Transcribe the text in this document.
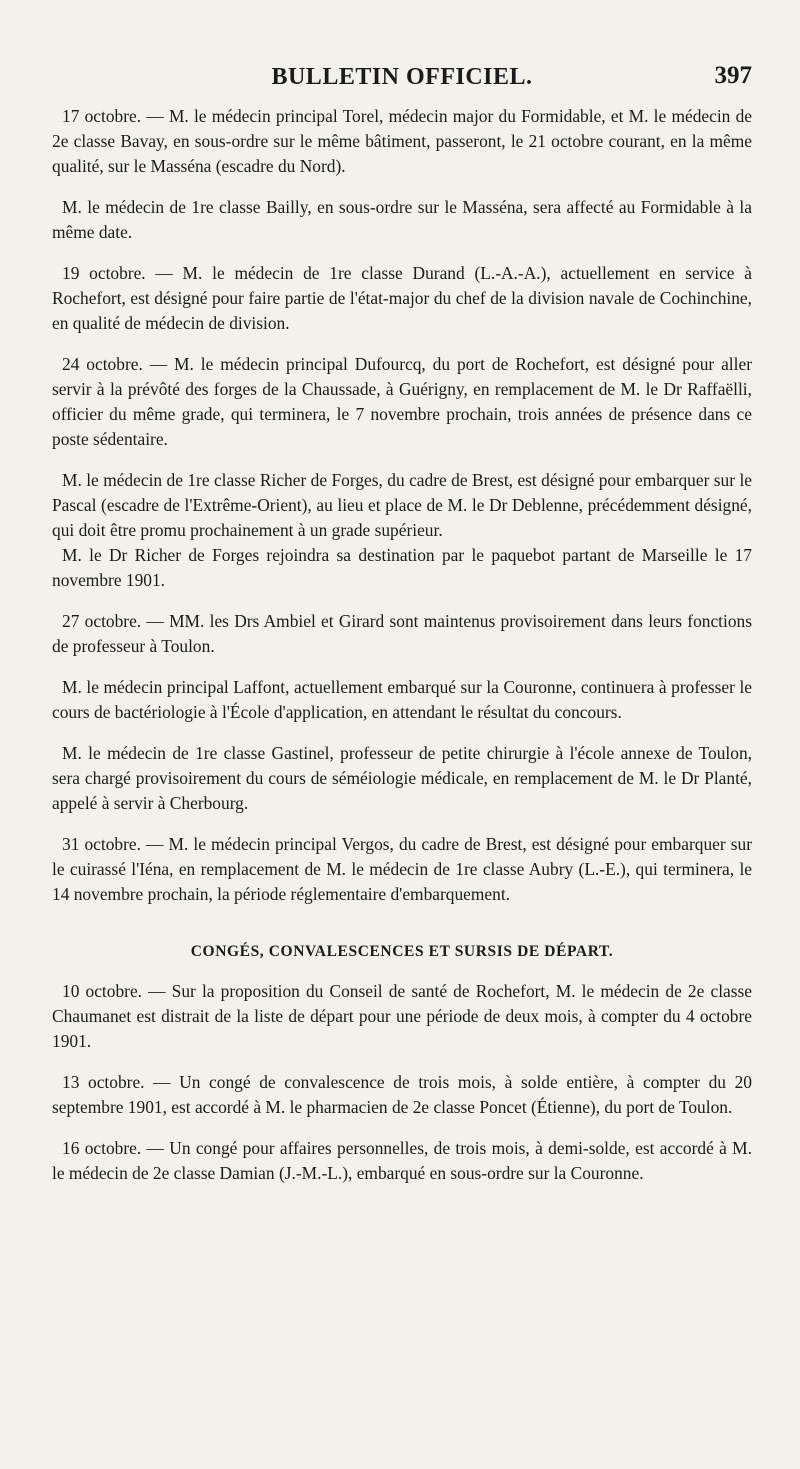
BULLETIN OFFICIEL.	397

17 octobre. — M. le médecin principal Torel, médecin major du Formidable, et M. le médecin de 2e classe Bavay, en sous-ordre sur le même bâtiment, passeront, le 21 octobre courant, en la même qualité, sur le Masséna (escadre du Nord).

M. le médecin de 1re classe Bailly, en sous-ordre sur le Masséna, sera affecté au Formidable à la même date.

19 octobre. — M. le médecin de 1re classe Durand (L.-A.-A.), actuellement en service à Rochefort, est désigné pour faire partie de l'état-major du chef de la division navale de Cochinchine, en qualité de médecin de division.

24 octobre. — M. le médecin principal Dufourcq, du port de Rochefort, est désigné pour aller servir à la prévôté des forges de la Chaussade, à Guérigny, en remplacement de M. le Dr Raffaëlli, officier du même grade, qui terminera, le 7 novembre prochain, trois années de présence dans ce poste sédentaire.

M. le médecin de 1re classe Richer de Forges, du cadre de Brest, est désigné pour embarquer sur le Pascal (escadre de l'Extrême-Orient), au lieu et place de M. le Dr Deblenne, précédemment désigné, qui doit être promu prochainement à un grade supérieur.

M. le Dr Richer de Forges rejoindra sa destination par le paquebot partant de Marseille le 17 novembre 1901.

27 octobre. — MM. les Drs Ambiel et Girard sont maintenus provisoirement dans leurs fonctions de professeur à Toulon.

M. le médecin principal Laffont, actuellement embarqué sur la Couronne, continuera à professer le cours de bactériologie à l'École d'application, en attendant le résultat du concours.

M. le médecin de 1re classe Gastinel, professeur de petite chirurgie à l'école annexe de Toulon, sera chargé provisoirement du cours de séméiologie médicale, en remplacement de M. le Dr Planté, appelé à servir à Cherbourg.

31 octobre. — M. le médecin principal Vergos, du cadre de Brest, est désigné pour embarquer sur le cuirassé l'Iéna, en remplacement de M. le médecin de 1re classe Aubry (L.-E.), qui terminera, le 14 novembre prochain, la période réglementaire d'embarquement.

CONGÉS, CONVALESCENCES ET SURSIS DE DÉPART.

10 octobre. — Sur la proposition du Conseil de santé de Rochefort, M. le médecin de 2e classe Chaumanet est distrait de la liste de départ pour une période de deux mois, à compter du 4 octobre 1901.

13 octobre. — Un congé de convalescence de trois mois, à solde entière, à compter du 20 septembre 1901, est accordé à M. le pharmacien de 2e classe Poncet (Étienne), du port de Toulon.

16 octobre. — Un congé pour affaires personnelles, de trois mois, à demi-solde, est accordé à M. le médecin de 2e classe Damian (J.-M.-L.), embarqué en sous-ordre sur la Couronne.
